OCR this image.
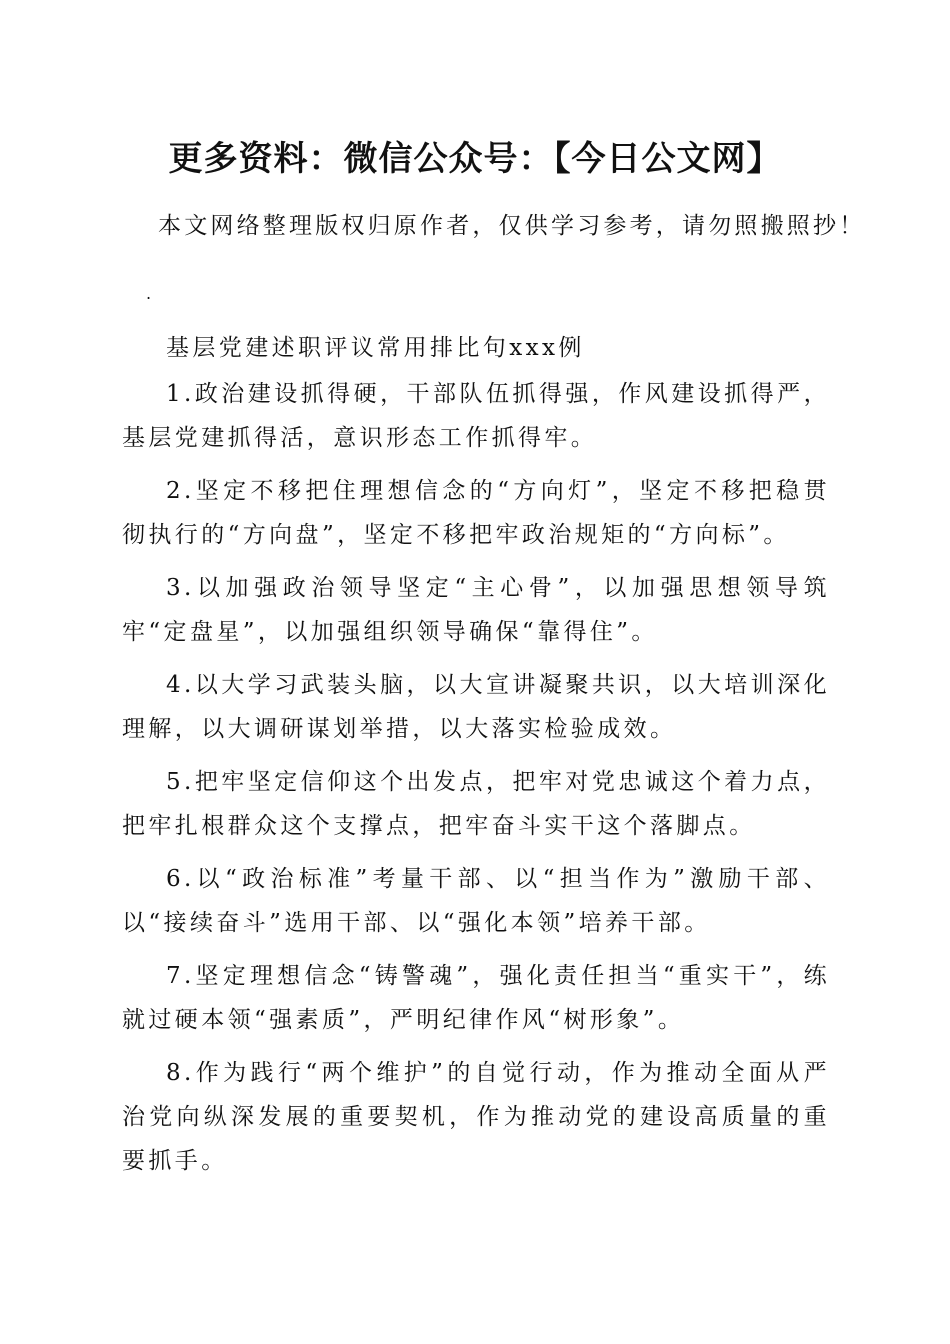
更多资料：微信公众号：【今日公文网】

本文网络整理版权归原作者，仅供学习参考，请勿照搬照抄！

.

基层党建述职评议常用排比句xxx例

1.政治建设抓得硬，干部队伍抓得强，作风建设抓得严，基层党建抓得活，意识形态工作抓得牢。

2.坚定不移把住理想信念的“方向灯”，坚定不移把稳贯彻执行的“方向盘”，坚定不移把牢政治规矩的“方向标”。

3.以加强政治领导坚定“主心骨”，以加强思想领导筑牢“定盘星”，以加强组织领导确保“靠得住”。

4.以大学习武装头脑，以大宣讲凝聚共识，以大培训深化理解，以大调研谋划举措，以大落实检验成效。

5.把牢坚定信仰这个出发点，把牢对党忠诚这个着力点，把牢扎根群众这个支撑点，把牢奋斗实干这个落脚点。

6.以“政治标准”考量干部、以“担当作为”激励干部、以“接续奋斗”选用干部、以“强化本领”培养干部。

7.坚定理想信念“铸警魂”，强化责任担当“重实干”，练就过硬本领“强素质”，严明纪律作风“树形象”。

8.作为践行“两个维护”的自觉行动，作为推动全面从严治党向纵深发展的重要契机，作为推动党的建设高质量的重要抓手。
